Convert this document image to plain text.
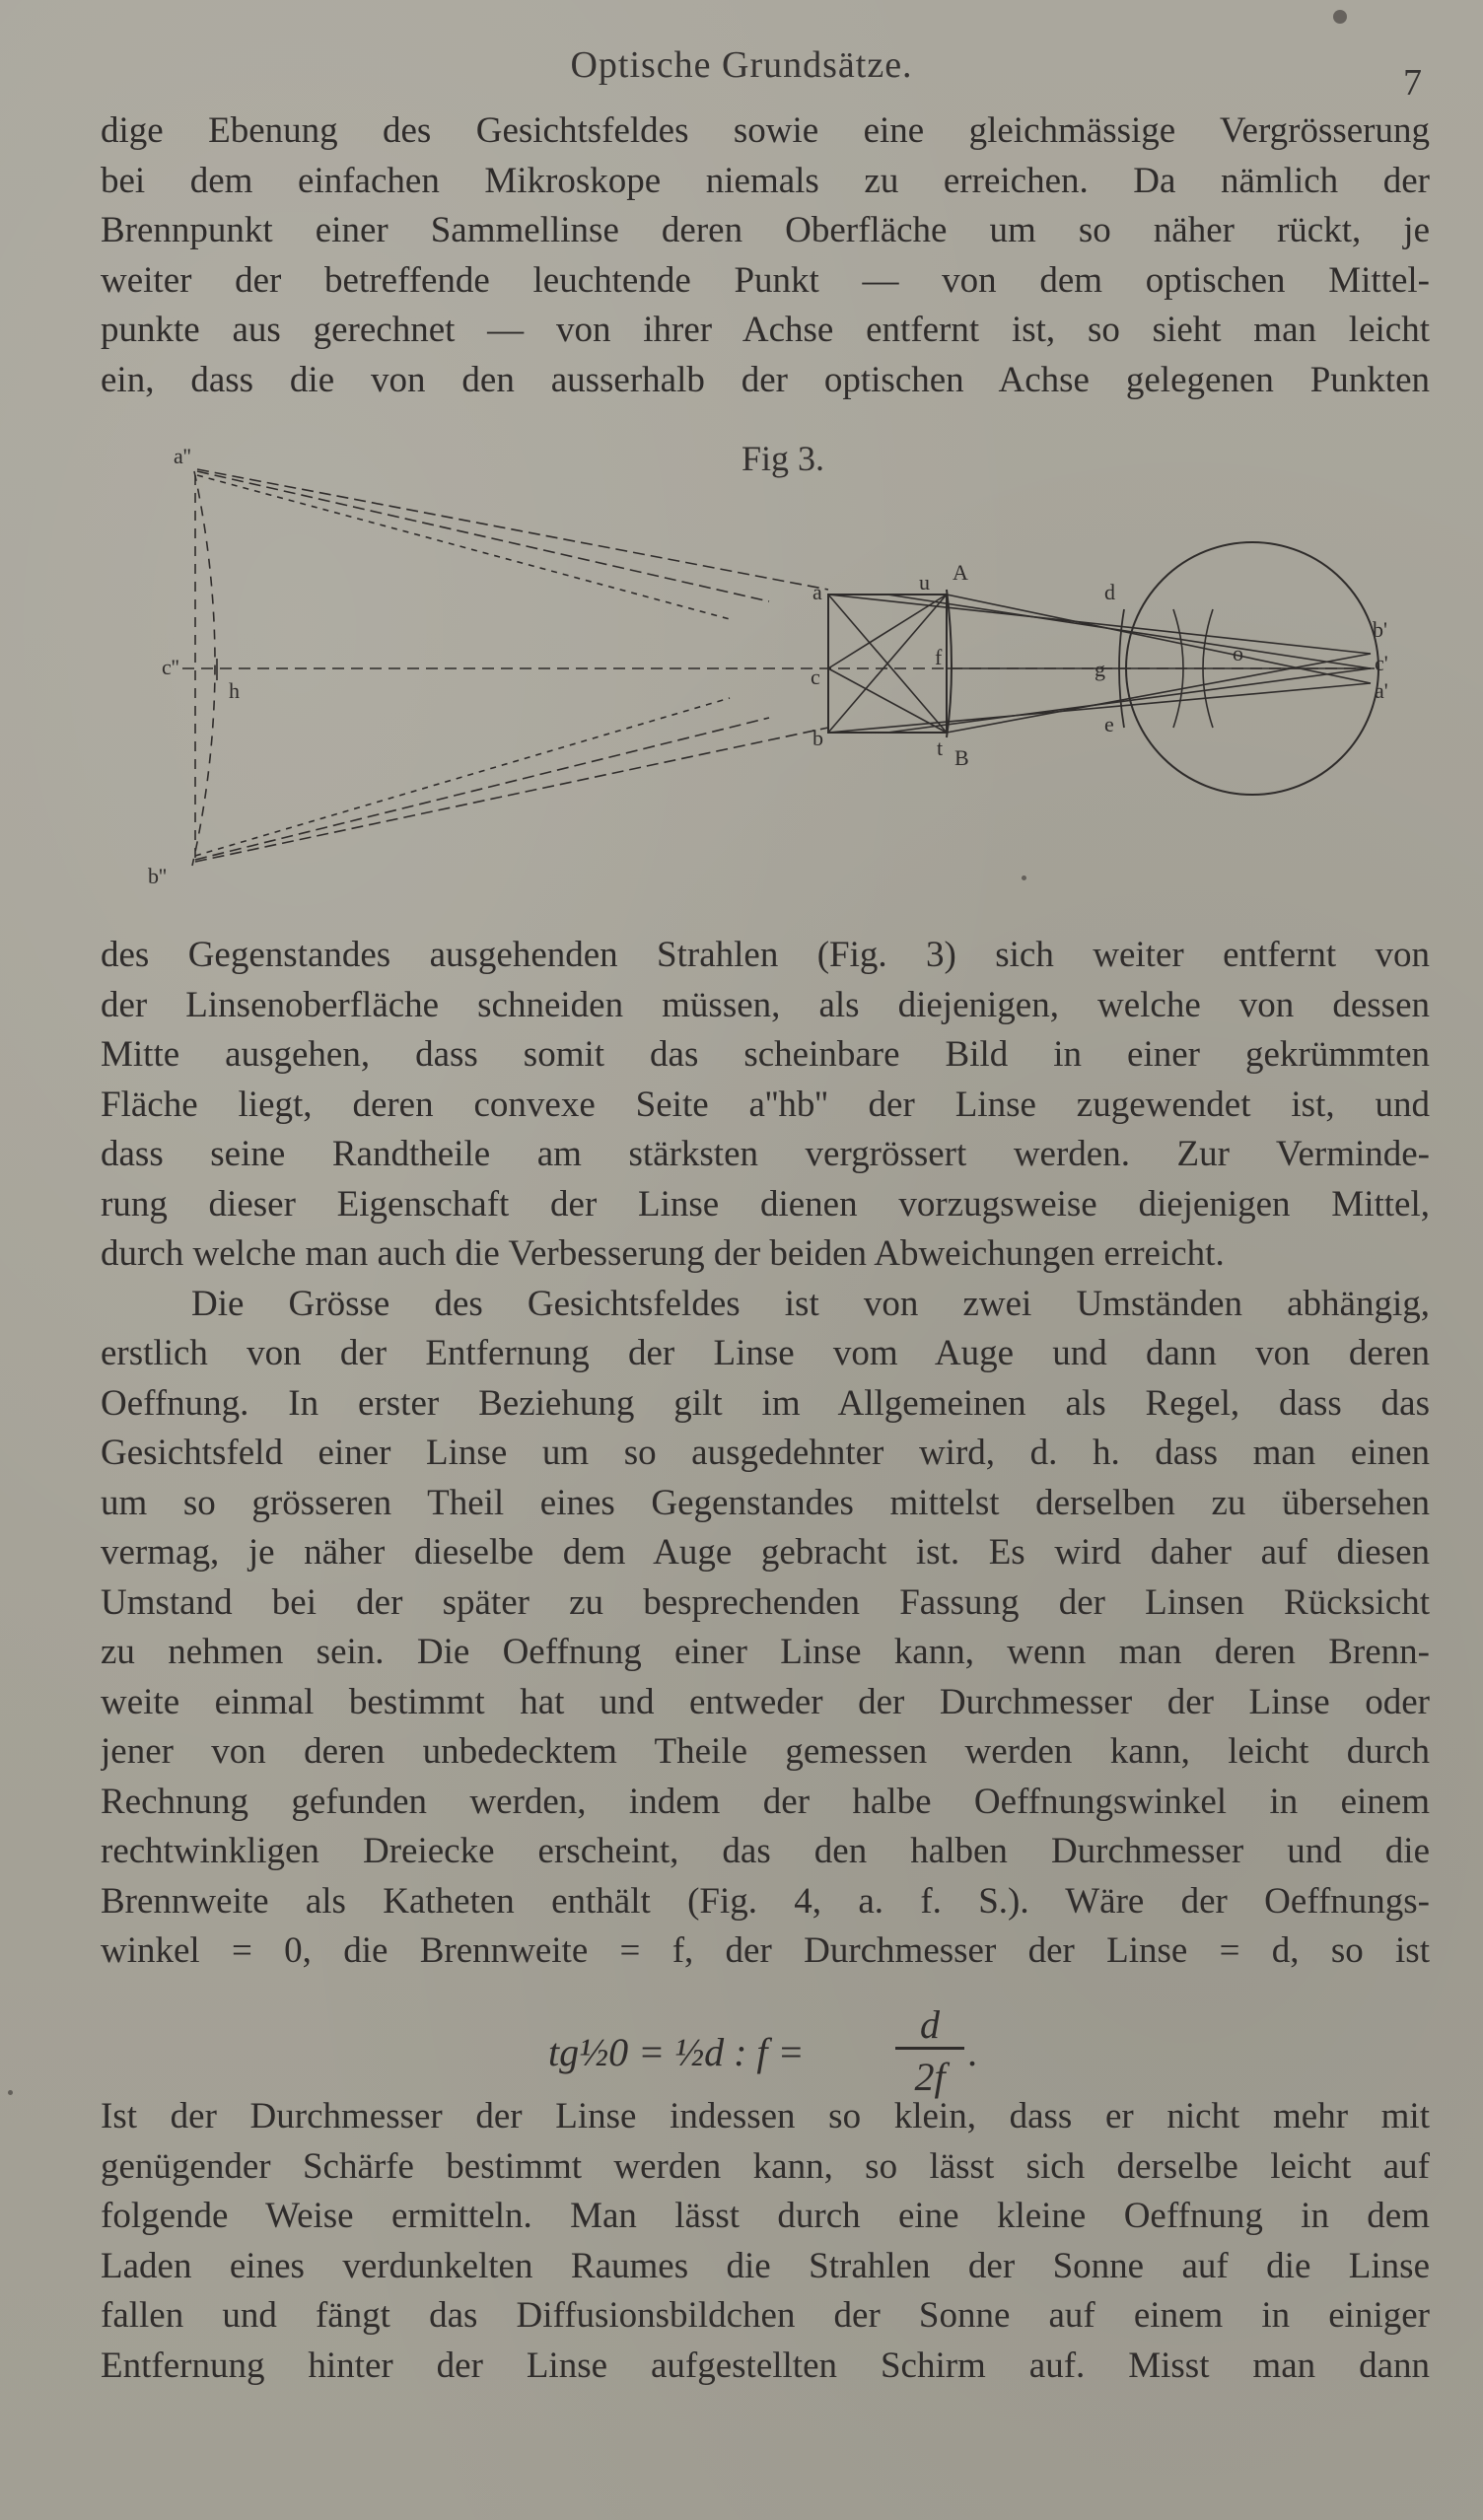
Optische Grundsätze.	7
dige Ebenung des Gesichtsfeldes sowie eine gleichmässige Vergrösserung
bei dem einfachen Mikroskope niemals zu erreichen. Da nämlich der
Brennpunkt einer Sammellinse deren Oberfläche um so näher rückt, je
weiter der betreffende leuchtende Punkt — von dem optischen Mittel-
punkte aus gerechnet — von ihrer Achse entfernt ist, so sieht man leicht
ein, dass die von den ausserhalb der optischen Achse gelegenen Punkten
Fig 3.
a''
c''
b''
h
a
c
b
u
f
t
A
B
d
g
e
o
b'
c'
a'
des Gegenstandes ausgehenden Strahlen (Fig. 3) sich weiter entfernt von
der Linsenoberfläche schneiden müssen, als diejenigen, welche von dessen
Mitte ausgehen, dass somit das scheinbare Bild in einer gekrümmten
Fläche liegt, deren convexe Seite a''hb'' der Linse zugewendet ist, und
dass seine Randtheile am stärksten vergrössert werden. Zur Verminde-
rung dieser Eigenschaft der Linse dienen vorzugsweise diejenigen Mittel,
durch welche man auch die Verbesserung der beiden Abweichungen erreicht.
Die Grösse des Gesichtsfeldes ist von zwei Umständen abhängig,
erstlich von der Entfernung der Linse vom Auge und dann von deren
Oeffnung. In erster Beziehung gilt im Allgemeinen als Regel, dass das
Gesichtsfeld einer Linse um so ausgedehnter wird, d. h. dass man einen
um so grösseren Theil eines Gegenstandes mittelst derselben zu übersehen
vermag, je näher dieselbe dem Auge gebracht ist. Es wird daher auf diesen
Umstand bei der später zu besprechenden Fassung der Linsen Rücksicht
zu nehmen sein. Die Oeffnung einer Linse kann, wenn man deren Brenn-
weite einmal bestimmt hat und entweder der Durchmesser der Linse oder
jener von deren unbedecktem Theile gemessen werden kann, leicht durch
Rechnung gefunden werden, indem der halbe Oeffnungswinkel in einem
rechtwinkligen Dreiecke erscheint, das den halben Durchmesser und die
Brennweite als Katheten enthält (Fig. 4, a. f. S.). Wäre der Oeffnungs-
winkel = 0, die Brennweite = f, der Durchmesser der Linse = d, so ist
tg½0 = ½d : f =
d
2f
.
Ist der Durchmesser der Linse indessen so klein, dass er nicht mehr mit
genügender Schärfe bestimmt werden kann, so lässt sich derselbe leicht auf
folgende Weise ermitteln. Man lässt durch eine kleine Oeffnung in dem
Laden eines verdunkelten Raumes die Strahlen der Sonne auf die Linse
fallen und fängt das Diffusionsbildchen der Sonne auf einem in einiger
Entfernung hinter der Linse aufgestellten Schirm auf. Misst man dann
